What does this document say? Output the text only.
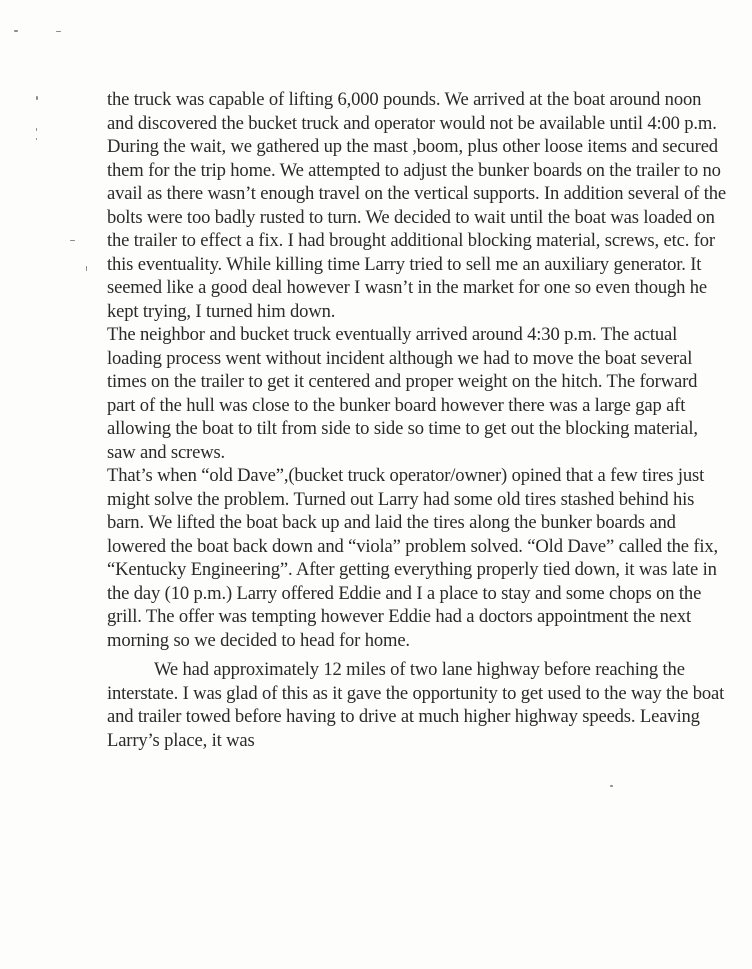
the truck was capable of lifting 6,000 pounds. We arrived at the boat around noon and discovered the bucket truck and operator would not be available until 4:00 p.m. During the wait, we gathered up the mast ,boom, plus other loose items and secured them for the trip home. We attempted to adjust the bunker boards on the trailer to no avail as there wasn’t enough travel on the vertical supports. In addition several of the bolts were too badly rusted to turn. We decided to wait until the boat was loaded on the trailer to effect a fix. I had brought additional blocking material, screws, etc. for this eventuality. While killing time Larry tried to sell me an auxiliary generator. It seemed like a good deal however I wasn’t in the market for one so even though he kept trying, I turned him down.

The neighbor and bucket truck eventually arrived around 4:30 p.m. The actual loading process went without incident although we had to move the boat several times on the trailer to get it centered and proper weight on the hitch. The forward part of the hull was close to the bunker board however there was a large gap aft allowing the boat to tilt from side to side so time to get out the blocking material, saw and screws.

That’s when “old Dave”,(bucket truck operator/owner) opined that a few tires just might solve the problem. Turned out Larry had some old tires stashed behind his barn. We lifted the boat back up and laid the tires along the bunker boards and lowered the boat back down and “viola” problem solved. “Old Dave” called the fix, “Kentucky Engineering”. After getting everything properly tied down, it was late in the day (10 p.m.) Larry offered Eddie and I a place to stay and some chops on the grill. The offer was tempting however Eddie had a doctors appointment the next morning so we decided to head for home.

We had approximately 12 miles of two lane highway before reaching the interstate. I was glad of this as it gave the opportunity to get used to the way the boat and trailer towed before having to drive at much higher highway speeds. Leaving Larry’s place, it was
